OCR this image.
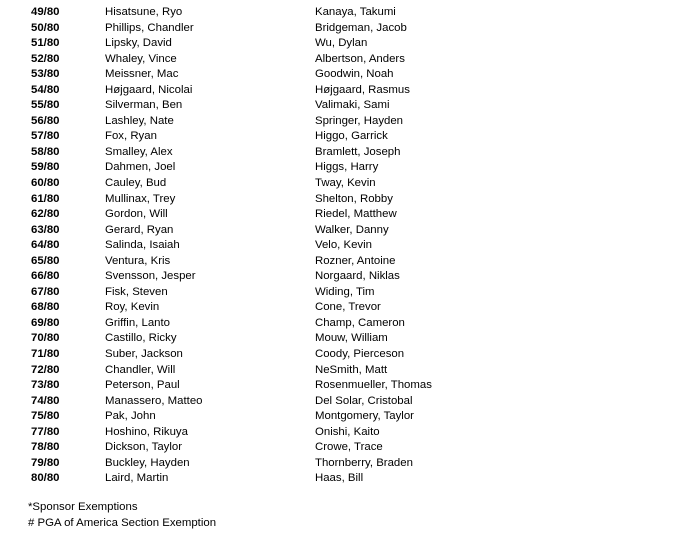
49/80	Hisatsune, Ryo	Kanaya, Takumi
50/80	Phillips, Chandler	Bridgeman, Jacob
51/80	Lipsky, David	Wu, Dylan
52/80	Whaley, Vince	Albertson, Anders
53/80	Meissner, Mac	Goodwin, Noah
54/80	Højgaard, Nicolai	Højgaard, Rasmus
55/80	Silverman, Ben	Valimaki, Sami
56/80	Lashley, Nate	Springer, Hayden
57/80	Fox, Ryan	Higgo, Garrick
58/80	Smalley, Alex	Bramlett, Joseph
59/80	Dahmen, Joel	Higgs, Harry
60/80	Cauley, Bud	Tway, Kevin
61/80	Mullinax, Trey	Shelton, Robby
62/80	Gordon, Will	Riedel, Matthew
63/80	Gerard, Ryan	Walker, Danny
64/80	Salinda, Isaiah	Velo, Kevin
65/80	Ventura, Kris	Rozner, Antoine
66/80	Svensson, Jesper	Norgaard, Niklas
67/80	Fisk, Steven	Widing, Tim
68/80	Roy, Kevin	Cone, Trevor
69/80	Griffin, Lanto	Champ, Cameron
70/80	Castillo, Ricky	Mouw, William
71/80	Suber, Jackson	Coody, Pierceson
72/80	Chandler, Will	NeSmith, Matt
73/80	Peterson, Paul	Rosenmueller, Thomas
74/80	Manassero, Matteo	Del Solar, Cristobal
75/80	Pak, John	Montgomery, Taylor
77/80	Hoshino, Rikuya	Onishi, Kaito
78/80	Dickson, Taylor	Crowe, Trace
79/80	Buckley, Hayden	Thornberry, Braden
80/80	Laird, Martin	Haas, Bill
*Sponsor Exemptions
# PGA of America Section Exemption
